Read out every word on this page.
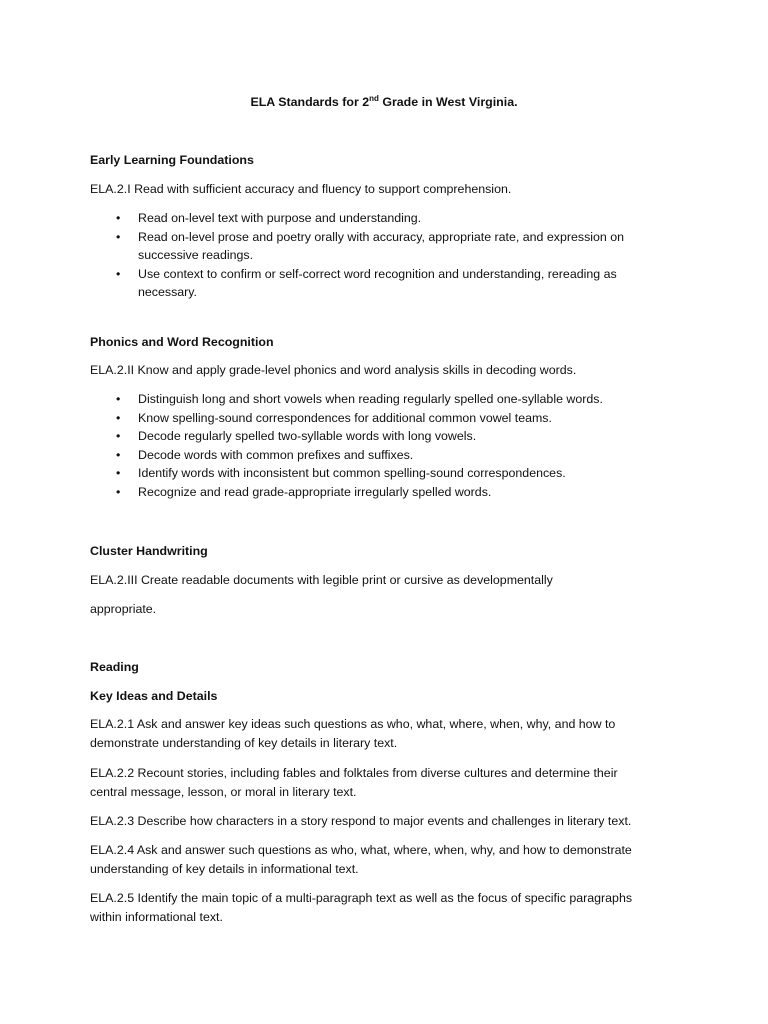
ELA Standards for 2nd Grade in West Virginia.
Early Learning Foundations
ELA.2.I Read with sufficient accuracy and fluency to support comprehension.
• Read on-level text with purpose and understanding.
• Read on-level prose and poetry orally with accuracy, appropriate rate, and expression on successive readings.
• Use context to confirm or self-correct word recognition and understanding, rereading as necessary.
Phonics and Word Recognition
ELA.2.II Know and apply grade-level phonics and word analysis skills in decoding words.
• Distinguish long and short vowels when reading regularly spelled one-syllable words.
• Know spelling-sound correspondences for additional common vowel teams.
• Decode regularly spelled two-syllable words with long vowels.
• Decode words with common prefixes and suffixes.
• Identify words with inconsistent but common spelling-sound correspondences.
• Recognize and read grade-appropriate irregularly spelled words.
Cluster Handwriting
ELA.2.III Create readable documents with legible print or cursive as developmentally
appropriate.
Reading
Key Ideas and Details
ELA.2.1 Ask and answer key ideas such questions as who, what, where, when, why, and how to demonstrate understanding of key details in literary text.
ELA.2.2 Recount stories, including fables and folktales from diverse cultures and determine their central message, lesson, or moral in literary text.
ELA.2.3 Describe how characters in a story respond to major events and challenges in literary text.
ELA.2.4 Ask and answer such questions as who, what, where, when, why, and how to demonstrate understanding of key details in informational text.
ELA.2.5 Identify the main topic of a multi-paragraph text as well as the focus of specific paragraphs within informational text.
